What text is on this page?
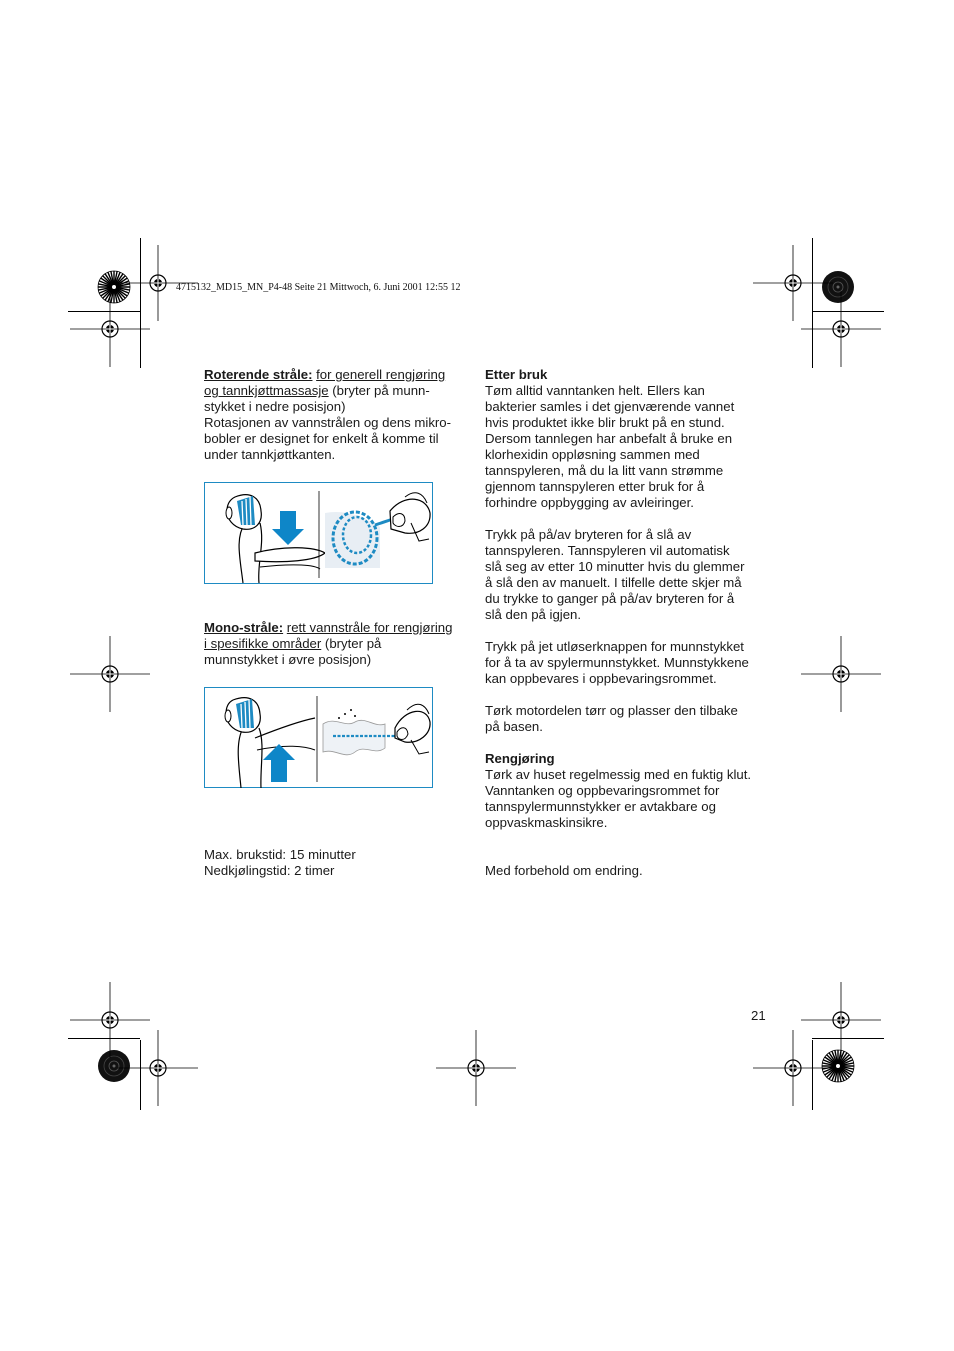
4715132_MD15_MN_P4-48 Seite 21 Mittwoch, 6. Juni 2001 12:55 12

Roterende stråle: for generell rengjøring
og tannkjøttmassasje (bryter på munn-
stykket i nedre posisjon)
Rotasjonen av vannstrålen og dens mikro-
bobler er designet for enkelt å komme til
under tannkjøttkanten.

Mono-stråle: rett vannstråle for rengjøring
i spesifikke områder (bryter på
munnstykket i øvre posisjon)

Max. brukstid: 15 minutter
Nedkjølingstid: 2 timer

Etter bruk

Tøm alltid vanntanken helt. Ellers kan
bakterier samles i det gjenværende vannet
hvis produktet ikke blir brukt på en stund.
Dersom tannlegen har anbefalt å bruke en
klorhexidin oppløsning sammen med
tannspyleren, må du la litt vann strømme
gjennom tannspyleren etter bruk for å
forhindre oppbygging av avleiringer.

Trykk på på/av bryteren for å slå av
tannspyleren. Tannspyleren vil automatisk
slå seg av etter 10 minutter hvis du glemmer
å slå den av manuelt. I tilfelle dette skjer må
du trykke to ganger på på/av bryteren for å
slå den på igjen.

Trykk på jet utløserknappen for munnstykket
for å ta av spylermunnstykket. Munnstykkene
kan oppbevares i oppbevaringsrommet.

Tørk motordelen tørr og plasser den tilbake
på basen.

Rengjøring

Tørk av huset regelmessig med en fuktig klut.
Vanntanken og oppbevaringsrommet for
tannspylermunnstykker er avtakbare og
oppvaskmaskinsikre.

Med forbehold om endring.

21
